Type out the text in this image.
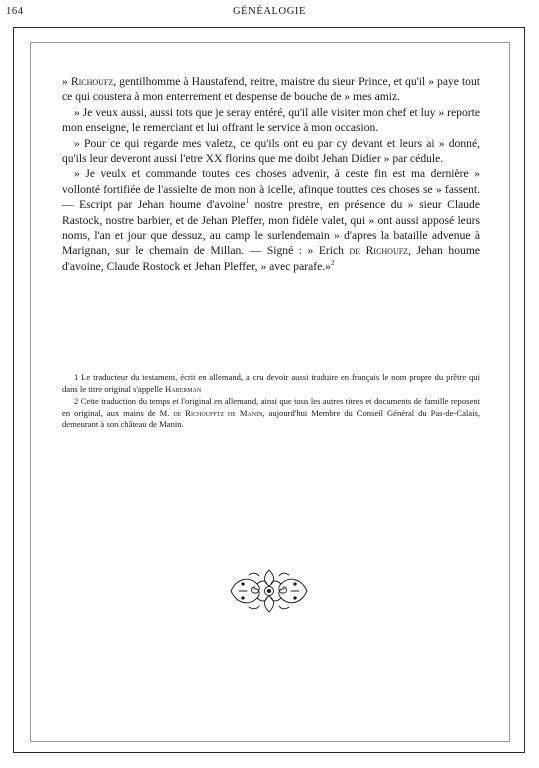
164	GÉNÉALOGIE

» Richoufz, gentilhomme à Haustafend, reitre, maistre du sieur Prince, et qu'il » paye tout ce qui coustera à mon enterrement et despense de bouche de » mes amiz.

» Je veux aussi, aussi tots que je seray entéré, qu'il alle visiter mon chef et luy » reporte mon enseigne, le remerciant et lui offrant le service à mon occasion.

» Pour ce qui regarde mes valetz, ce qu'ils ont eu par cy devant et leurs ai » donné, qu'ils leur deveront aussi l'etre XX florins que me doibt Jehan Didier » par cédule.

» Je veulx et commande toutes ces choses advenir, à ceste fin est ma dernière » vollonté fortifiée de l'assielte de mon non à icelle, afinque touttes ces choses se » fassent. — Escript par Jehan houme d'avoine$^1$ nostre prestre, en présence du » sieur Claude Rastock, nostre barbier, et de Jehan Pleffer, mon fidèle valet, qui » ont aussi apposé leurs noms, l'an et jour que dessuz, au camp le surlendemain » d'apres la bataille advenue à Marignan, sur le chemain de Millan. — Signé : » Erich de Richoufz, Jehan houme d'avoine, Claude Rostock et Jehan Pleffer, » avec parafe.»$^2$

1 Le traducteur du testament, écrit en allemand, a cru devoir aussi traduire en français le nom propre du prêtre qui dans le titre original s'appelle Haberman

2 Cette traduction du temps et l'original en allemand, ainsi que tous les autres titres et documents de famille reposent en original, aux mains de M. de Richoufftz de Manin, aujourd'hui Membre du Conseil Général du Pas-de-Calais, demeurant à son château de Manin.
